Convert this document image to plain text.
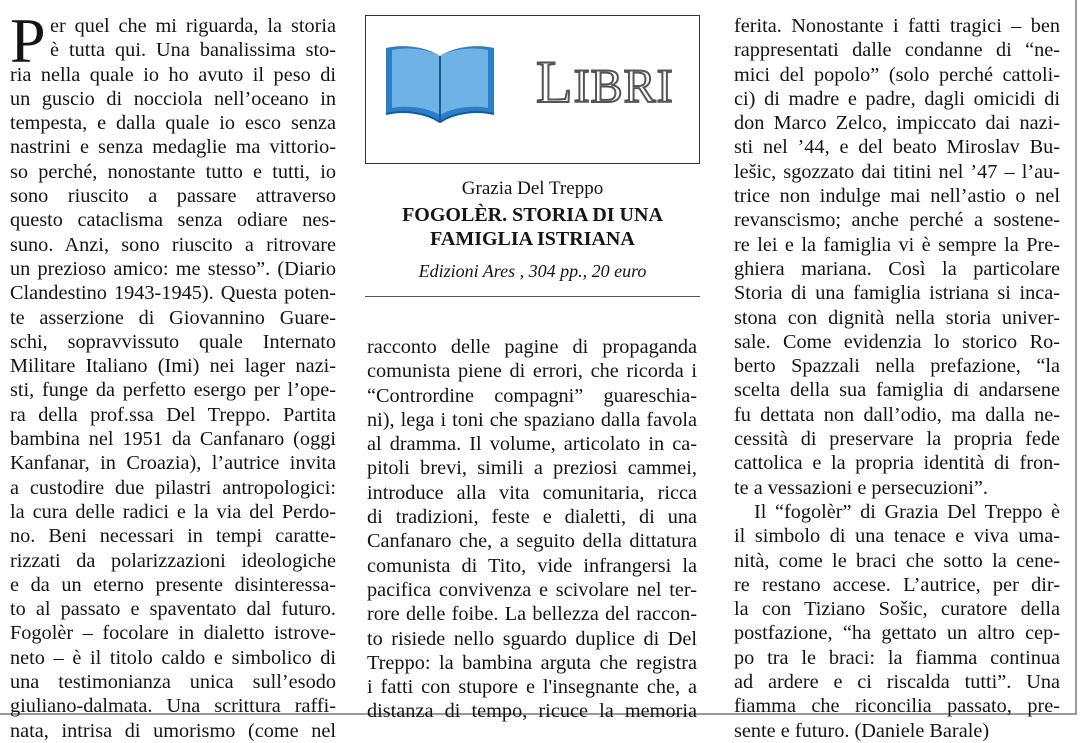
P er quel che mi riguarda, la storia
è tutta qui. Una banalissima sto-
ria nella quale io ho avuto il peso di
un guscio di nocciola nell’oceano in
tempesta, e dalla quale io esco senza
nastrini e senza medaglie ma vittorio-
so perché, nonostante tutto e tutti, io
sono riuscito a passare attraverso
questo cataclisma senza odiare nes-
suno. Anzi, sono riuscito a ritrovare
un prezioso amico: me stesso”. (Diario
Clandestino 1943-1945). Questa poten-
te asserzione di Giovannino Guare-
schi, sopravvissuto quale Internato
Militare Italiano (Imi) nei lager nazi-
sti, funge da perfetto esergo per l’ope-
ra della prof.ssa Del Treppo. Partita
bambina nel 1951 da Canfanaro (oggi
Kanfanar, in Croazia), l’autrice invita
a custodire due pilastri antropologici:
la cura delle radici e la via del Perdo-
no. Beni necessari in tempi caratte-
rizzati da polarizzazioni ideologiche
e da un eterno presente disinteressa-
to al passato e spaventato dal futuro.
Fogolèr – focolare in dialetto istrove-
neto – è il titolo caldo e simbolico di
una testimonianza unica sull’esodo
giuliano-dalmata. Una scrittura raffi-
nata, intrisa di umorismo (come nel
LIBRI
Grazia Del Treppo
FOGOLÈR. STORIA DI UNA
FAMIGLIA ISTRIANA
Edizioni Ares , 304 pp., 20 euro
racconto delle pagine di propaganda
comunista piene di errori, che ricorda i
“Contrordine compagni” guareschia-
ni), lega i toni che spaziano dalla favola
al dramma. Il volume, articolato in ca-
pitoli brevi, simili a preziosi cammei,
introduce alla vita comunitaria, ricca
di tradizioni, feste e dialetti, di una
Canfanaro che, a seguito della dittatura
comunista di Tito, vide infrangersi la
pacifica convivenza e scivolare nel ter-
rore delle foibe. La bellezza del raccon-
to risiede nello sguardo duplice di Del
Treppo: la bambina arguta che registra
i fatti con stupore e l'insegnante che, a
distanza di tempo, ricuce la memoria
ferita. Nonostante i fatti tragici – ben
rappresentati dalle condanne di “ne-
mici del popolo” (solo perché cattoli-
ci) di madre e padre, dagli omicidi di
don Marco Zelco, impiccato dai nazi-
sti nel ’44, e del beato Miroslav Bu-
lešic, sgozzato dai titini nel ’47 – l’au-
trice non indulge mai nell’astio o nel
revanscismo; anche perché a sostene-
re lei e la famiglia vi è sempre la Pre-
ghiera mariana. Così la particolare
Storia di una famiglia istriana si inca-
stona con dignità nella storia univer-
sale. Come evidenzia lo storico Ro-
berto Spazzali nella prefazione, “la
scelta della sua famiglia di andarsene
fu dettata non dall’odio, ma dalla ne-
cessità di preservare la propria fede
cattolica e la propria identità di fron-
te a vessazioni e persecuzioni”.
Il “fogolèr” di Grazia Del Treppo è
il simbolo di una tenace e viva uma-
nità, come le braci che sotto la cene-
re restano accese. L’autrice, per dir-
la con Tiziano Sošic, curatore della
postfazione, “ha gettato un altro cep-
po tra le braci: la fiamma continua
ad ardere e ci riscalda tutti”. Una
fiamma che riconcilia passato, pre-
sente e futuro. (Daniele Barale)
